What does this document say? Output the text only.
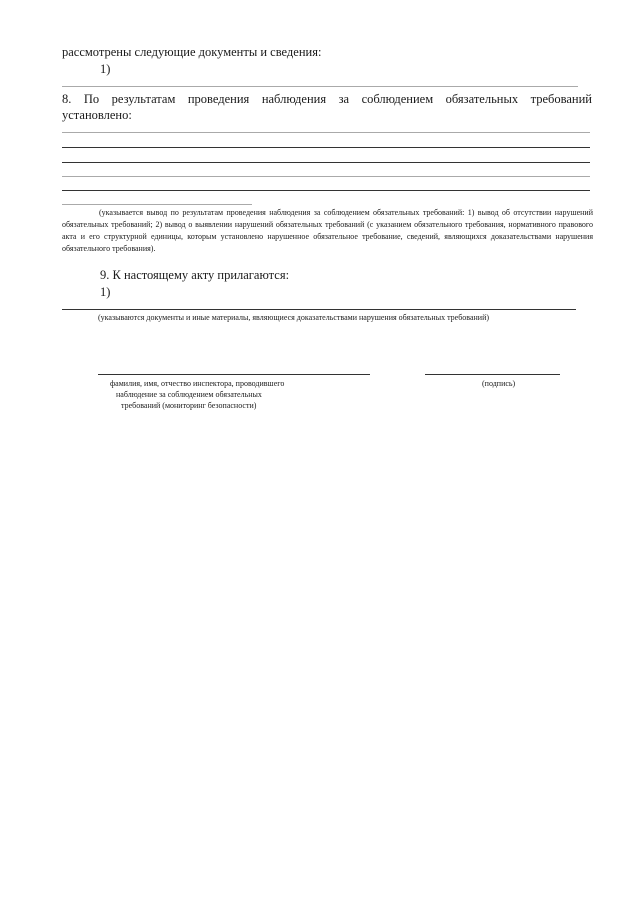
рассмотрены следующие документы и сведения:
1)
8. По результатам проведения наблюдения за соблюдением обязательных требований
установлено:
(указывается вывод по результатам проведения наблюдения за соблюдением обязательных требований: 1) вывод об отсутствии нарушений обязательных требований; 2) вывод о выявлении нарушений обязательных требований (с указанием обязательного требования, нормативного правового акта и его структурной единицы, которым установлено нарушенное обязательное требование, сведений, являющихся доказательствами нарушения обязательного требования).
9. К настоящему акту прилагаются:
1)
(указываются документы и иные материалы, являющиеся доказательствами нарушения обязательных требований)
фамилия, имя, отчество инспектора, проводившего
наблюдение за соблюдением обязательных
требований (мониторинг безопасности)
(подпись)
